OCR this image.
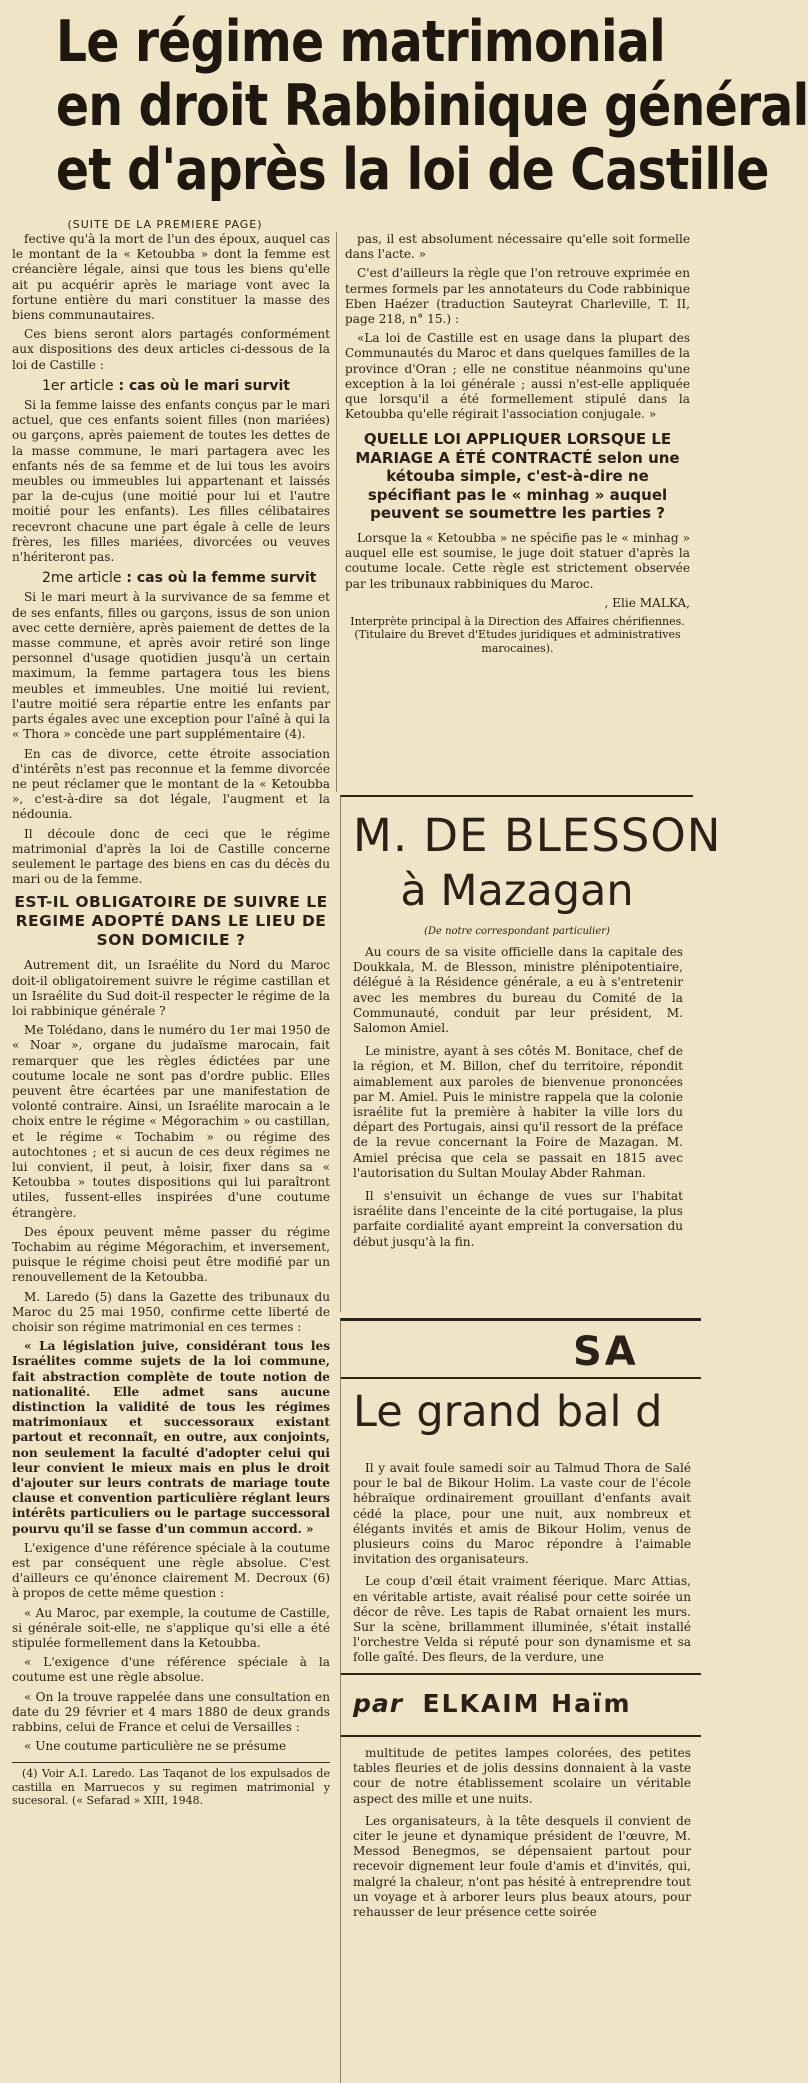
Le régime matrimonial
en droit Rabbinique général
et d'après la loi de Castille
(SUITE DE LA PREMIERE PAGE)

fective qu'à la mort de l'un des époux, auquel cas le montant de la « Ketoubba » dont la femme est créancière légale, ainsi que tous les biens qu'elle ait pu acquérir après le mariage vont avec la fortune entière du mari constituer la masse des biens communautaires.

Ces biens seront alors partagés conformément aux dispositions des deux articles ci-dessous de la loi de Castille :

1er article : cas où le mari survit

Si la femme laisse des enfants conçus par le mari actuel, que ces enfants soient filles (non mariées) ou garçons, après paiement de toutes les dettes de la masse commune, le mari partagera avec les enfants nés de sa femme et de lui tous les avoirs meubles ou immeubles lui appartenant et laissés par la de-cujus (une moitié pour lui et l'autre moitié pour les enfants). Les filles célibataires recevront chacune une part égale à celle de leurs frères, les filles mariées, divorcées ou veuves n'hériteront pas.

2me article : cas où la femme survit

Si le mari meurt à la survivance de sa femme et de ses enfants, filles ou garçons, issus de son union avec cette dernière, après paiement de dettes de la masse commune, et après avoir retiré son linge personnel d'usage quotidien jusqu'à un certain maximum, la femme partagera tous les biens meubles et immeubles. Une moitié lui revient, l'autre moitié sera répartie entre les enfants par parts égales avec une exception pour l'aîné à qui la « Thora » concède une part supplémentaire (4).

En cas de divorce, cette étroite association d'intérêts n'est pas reconnue et la femme divorcée ne peut réclamer que le montant de la « Ketoubba », c'est-à-dire sa dot légale, l'augment et la nédounia.

Il découle donc de ceci que le régime matrimonial d'après la loi de Castille concerne seulement le partage des biens en cas du décès du mari ou de la femme.

EST-IL OBLIGATOIRE DE SUIVRE LE REGIME ADOPTÉ DANS LE LIEU DE SON DOMICILE ?

Autrement dit, un Israélite du Nord du Maroc doit-il obligatoirement suivre le régime castillan et un Israélite du Sud doit-il respecter le régime de la loi rabbinique générale ?

Me Tolédano, dans le numéro du 1er mai 1950 de « Noar », organe du judaïsme marocain, fait remarquer que les règles édictées par une coutume locale ne sont pas d'ordre public. Elles peuvent être écartées par une manifestation de volonté contraire. Ainsi, un Israélite marocain a le choix entre le régime « Mégorachim » ou castillan, et le régime « Tochabim » ou régime des autochtones ; et si aucun de ces deux régimes ne lui convient, il peut, à loisir, fixer dans sa « Ketoubba » toutes dispositions qui lui paraîtront utiles, fussent-elles inspirées d'une coutume étrangère.

Des époux peuvent même passer du régime Tochabim au régime Mégorachim, et inversement, puisque le régime choisi peut être modifié par un renouvellement de la Ketoubba.

M. Laredo (5) dans la Gazette des tribunaux du Maroc du 25 mai 1950, confirme cette liberté de choisir son régime matrimonial en ces termes :

« La législation juive, considérant tous les Israélites comme sujets de la loi commune, fait abstraction complète de toute notion de nationalité. Elle admet sans aucune distinction la validité de tous les régimes matrimoniaux et successoraux existant partout et reconnaît, en outre, aux conjoints, non seulement la faculté d'adopter celui qui leur convient le mieux mais en plus le droit d'ajouter sur leurs contrats de mariage toute clause et convention particulière réglant leurs intérêts particuliers ou le partage successoral pourvu qu'il se fasse d'un commun accord. »

L'exigence d'une référence spéciale à la coutume est par conséquent une règle absolue. C'est d'ailleurs ce qu'énonce clairement M. Decroux (6) à propos de cette même question :

« Au Maroc, par exemple, la coutume de Castille, si générale soit-elle, ne s'applique qu'si elle a été stipulée formellement dans la Ketoubba.

« L'exigence d'une référence spéciale à la coutume est une règle absolue.

« On la trouve rappelée dans une consultation en date du 29 février et 4 mars 1880 de deux grands rabbins, celui de France et celui de Versailles :

« Une coutume particulière ne se présume

(4) Voir A.I. Laredo. Las Taqanot de los expulsados de castilla en Marruecos y su regimen matrimonial y sucesoral. (« Sefarad » XIII, 1948.

pas, il est absolument nécessaire qu'elle soit formelle dans l'acte. »

C'est d'ailleurs la règle que l'on retrouve exprimée en termes formels par les annotateurs du Code rabbinique Eben Haézer (traduction Sauteyrat Charleville, T. II, page 218, n° 15.) :

«La loi de Castille est en usage dans la plupart des Communautés du Maroc et dans quelques familles de la province d'Oran ; elle ne constitue néanmoins qu'une exception à la loi générale ; aussi n'est-elle appliquée que lorsqu'il a été formellement stipulé dans la Ketoubba qu'elle régirait l'association conjugale. »

QUELLE LOI APPLIQUER LORSQUE LE MARIAGE A ÉTÉ CONTRACTÉ selon une kétouba simple, c'est-à-dire ne spécifiant pas le « minhag » auquel peuvent se soumettre les parties ?

Lorsque la « Ketoubba » ne spécifie pas le « minhag » auquel elle est soumise, le juge doit statuer d'après la coutume locale. Cette règle est strictement observée par les tribunaux rabbiniques du Maroc.

, Elie MALKA,

Interprète principal à la Direction des Affaires chérifiennes. (Titulaire du Brevet d'Etudes juridiques et administratives marocaines).

M. DE BLESSON
à Mazagan
(De notre correspondant particulier)

Au cours de sa visite officielle dans la capitale des Doukkala, M. de Blesson, ministre plénipotentiaire, délégué à la Résidence générale, a eu à s'entretenir avec les membres du bureau du Comité de la Communauté, conduit par leur président, M. Salomon Amiel.

Le ministre, ayant à ses côtés M. Bonitace, chef de la région, et M. Billon, chef du territoire, répondit aimablement aux paroles de bienvenue prononcées par M. Amiel. Puis le ministre rappela que la colonie israélite fut la première à habiter la ville lors du départ des Portugais, ainsi qu'il ressort de la préface de la revue concernant la Foire de Mazagan. M. Amiel précisa que cela se passait en 1815 avec l'autorisation du Sultan Moulay Abder Rahman.

Il s'ensuivit un échange de vues sur l'habitat israélite dans l'enceinte de la cité portugaise, la plus parfaite cordialité ayant empreint la conversation du début jusqu'à la fin.

SA
Le grand bal d

Il y avait foule samedi soir au Talmud Thora de Salé pour le bal de Bikour Holim. La vaste cour de l'école hébraïque ordinairement grouillant d'enfants avait cédé la place, pour une nuit, aux nombreux et élégants invités et amis de Bikour Holim, venus de plusieurs coins du Maroc répondre à l'aimable invitation des organisateurs.

Le coup d'œil était vraiment féerique. Marc Attias, en véritable artiste, avait réalisé pour cette soirée un décor de rêve. Les tapis de Rabat ornaient les murs. Sur la scène, brillamment illuminée, s'était installé l'orchestre Velda si réputé pour son dynamisme et sa folle gaîté. Des fleurs, de la verdure, une

par ELKAIM Haïm

multitude de petites lampes colorées, des petites tables fleuries et de jolis dessins donnaient à la vaste cour de notre établissement scolaire un véritable aspect des mille et une nuits.

Les organisateurs, à la tête desquels il convient de citer le jeune et dynamique président de l'œuvre, M. Messod Benegmos, se dépensaient partout pour recevoir dignement leur foule d'amis et d'invités, qui, malgré la chaleur, n'ont pas hésité à entreprendre tout un voyage et à arborer leurs plus beaux atours, pour rehausser de leur présence cette soirée
